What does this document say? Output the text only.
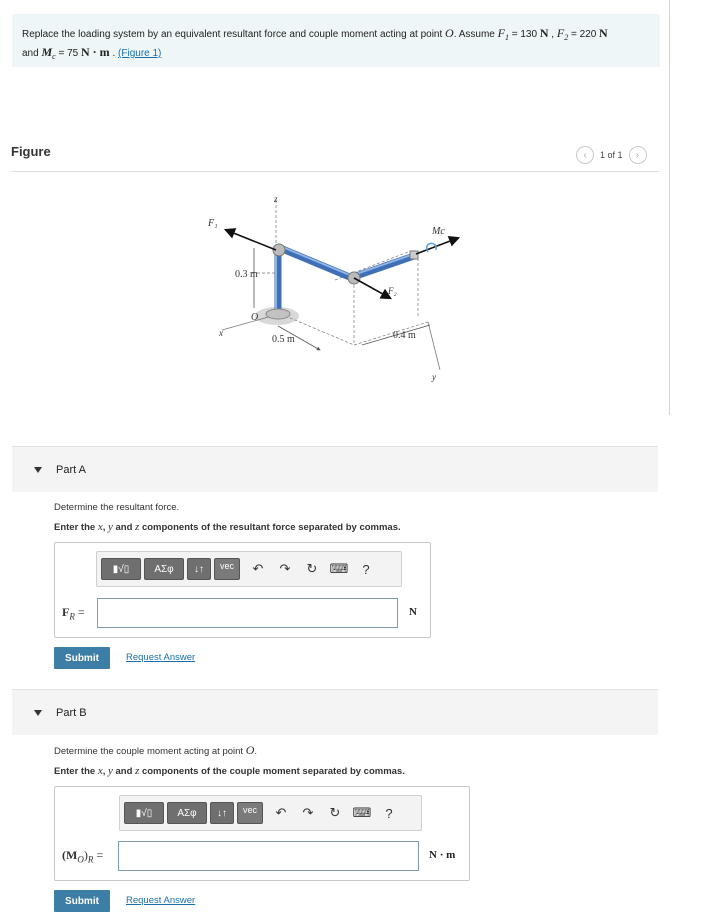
Replace the loading system by an equivalent resultant force and couple moment acting at point O. Assume $F_1 = 130$ N , $F_2 = 220$ N
and $M_c = 75$ N · m . (Figure 1)
Figure	‹	1 of 1	›
z
F₁
Mc
0.3 m
F₂
O
x
0.5 m	0.4 m
y
Part A
Determine the resultant force.
Enter the x, y and z components of the resultant force separated by commas.
▮√▯	ΑΣφ	↓↑	vec	↶	↷	↻ ⌨	?
$F_R$ =	N
Submit	Request Answer
Part B
Determine the couple moment acting at point O.
Enter the x, y and z components of the couple moment separated by commas.
▮√▯	ΑΣφ	↓↑	vec	↶	↷	↻ ⌨	?
$(M_O)_R$ =	N · m
Submit	Request Answer
